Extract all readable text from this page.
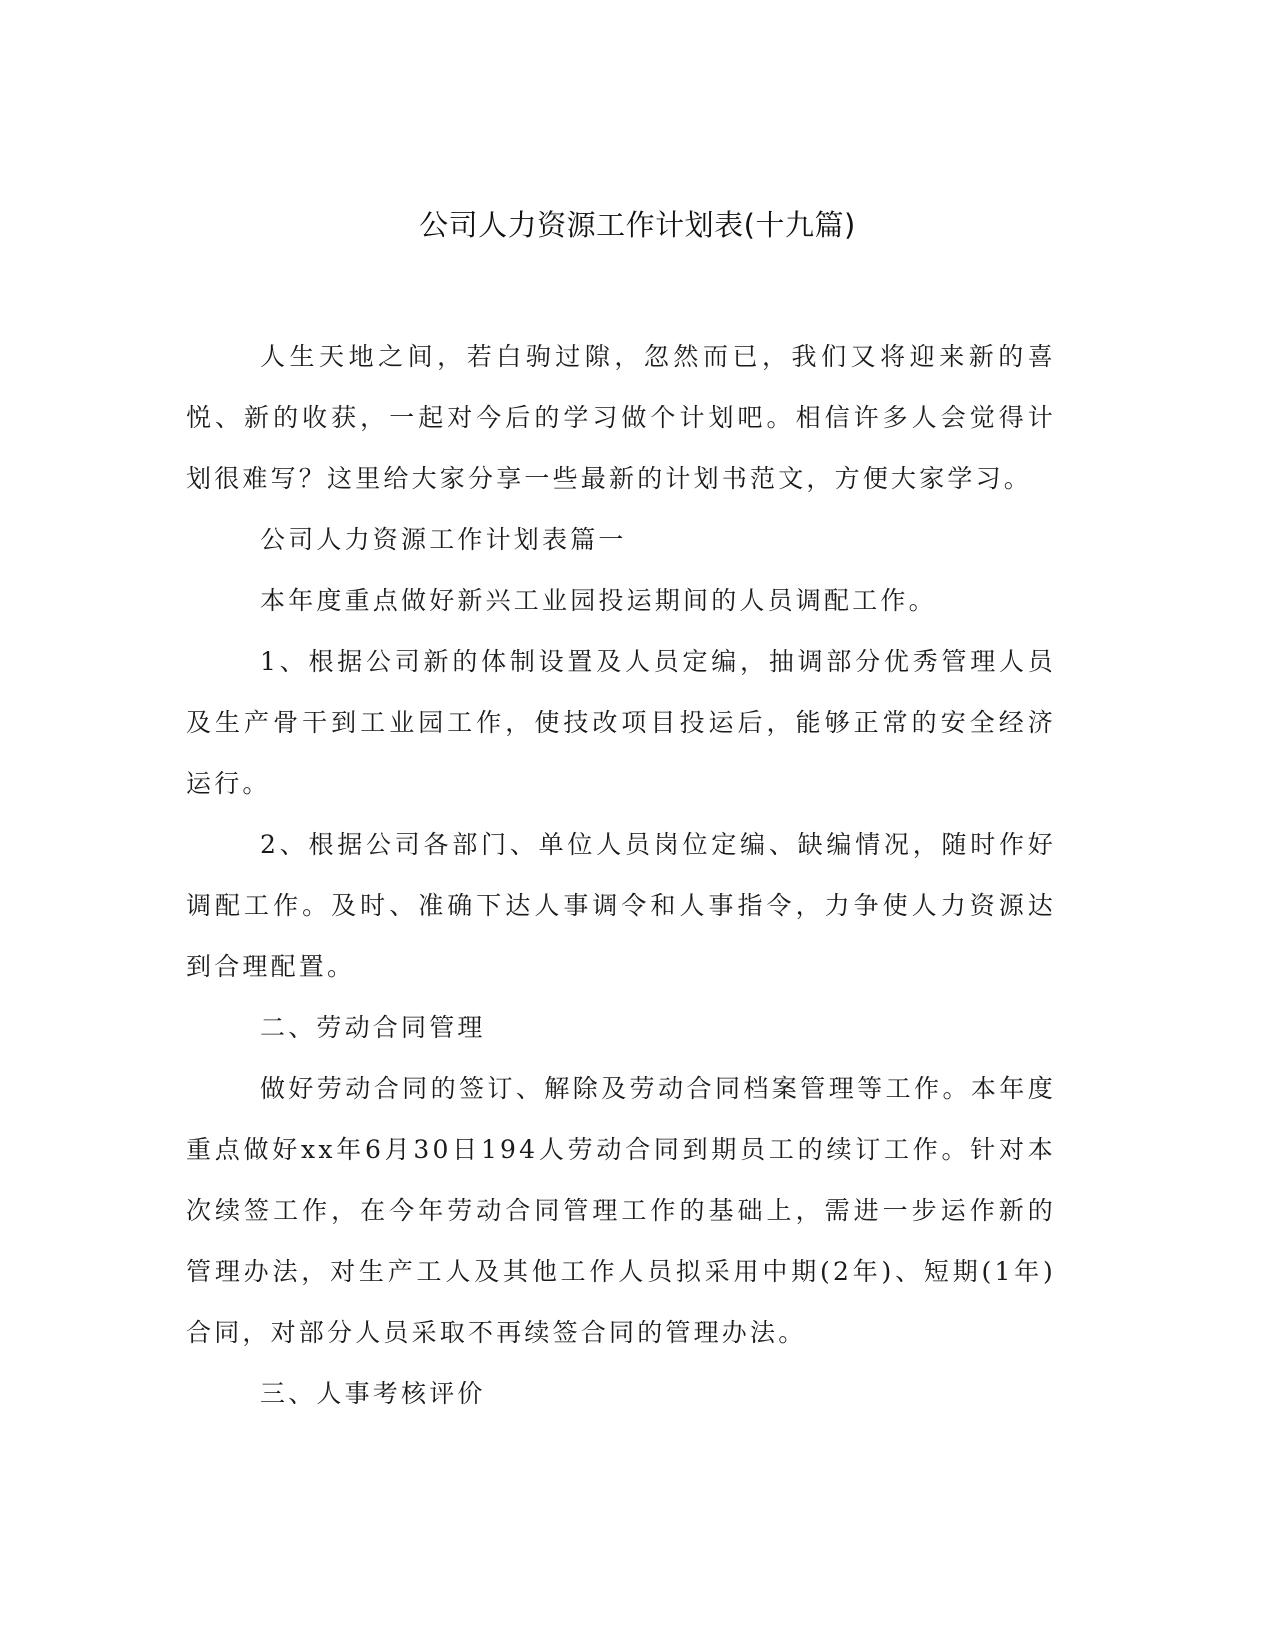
公司人力资源工作计划表(十九篇)

人生天地之间，若白驹过隙，忽然而已，我们又将迎来新的喜悦、新的收获，一起对今后的学习做个计划吧。相信许多人会觉得计划很难写？这里给大家分享一些最新的计划书范文，方便大家学习。

公司人力资源工作计划表篇一

本年度重点做好新兴工业园投运期间的人员调配工作。

1、根据公司新的体制设置及人员定编，抽调部分优秀管理人员及生产骨干到工业园工作，使技改项目投运后，能够正常的安全经济运行。

2、根据公司各部门、单位人员岗位定编、缺编情况，随时作好调配工作。及时、准确下达人事调令和人事指令，力争使人力资源达到合理配置。

二、劳动合同管理

做好劳动合同的签订、解除及劳动合同档案管理等工作。本年度重点做好xx年6月30日194人劳动合同到期员工的续订工作。针对本次续签工作，在今年劳动合同管理工作的基础上，需进一步运作新的管理办法，对生产工人及其他工作人员拟采用中期(2年)、短期(1年)合同，对部分人员采取不再续签合同的管理办法。

三、人事考核评价
